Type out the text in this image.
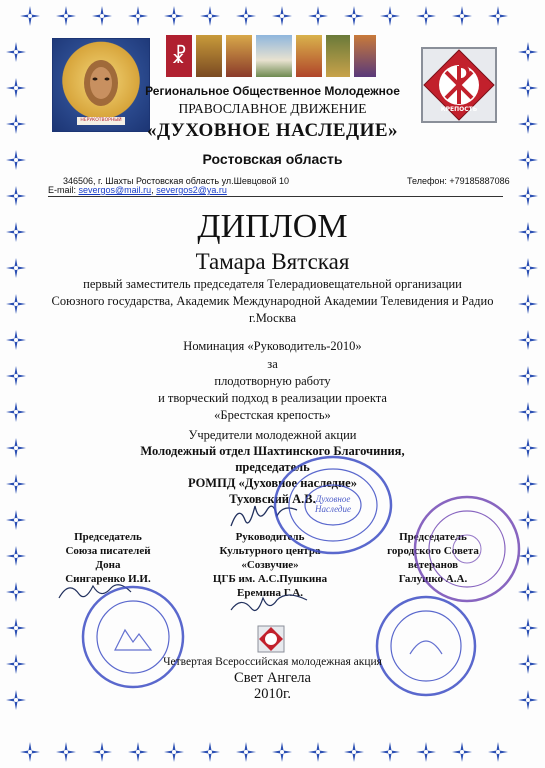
☧
НЕРУКОТВОРНЫЙ
КРЕПОСТЬ
Региональное Общественное Молодежное
ПРАВОСЛАВНОЕ ДВИЖЕНИЕ
«ДУХОВНОЕ НАСЛЕДИЕ»
Ростовская область
346506, г. Шахты Ростовская область ул.Шевцовой 10	Телефон: +79185887086
E-mail: severgos@mail.ru, severgos2@ya.ru
ДИПЛОМ
Тамара Вятская
первый заместитель председателя Телерадиовещательной организации
Союзного государства, Академик Международной Академии Телевидения и Радио
г.Москва
Номинация «Руководитель-2010»
за
плодотворную работу
и творческий подход в реализации проекта
«Брестская крепость»
Учредители молодежной акции
Молодежный отдел Шахтинского Благочиния,
председатель
РОМПД «Духовное наследие»
Туховский А.В.
Председатель
Союза писателей
Дона
Сингаренко И.И.
Руководитель
Культурного центра
«Созвучие»
ЦГБ им. А.С.Пушкина
Еремина Г.А.
Председатель
городского Совета
ветеранов
Галушко А.А.
Духовное Наследие
Четвертая Всероссийская молодежная акция
Свет Ангела
2010г.
